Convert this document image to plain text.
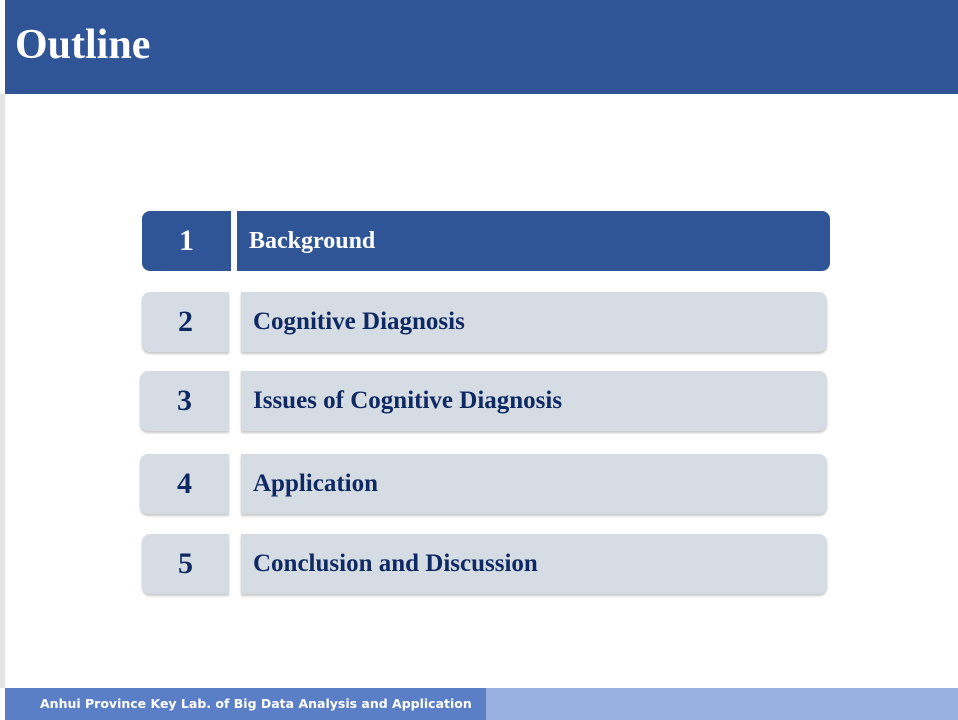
Outline
1	Background
2	Cognitive Diagnosis
3	Issues of Cognitive Diagnosis
4	Application
5	Conclusion and Discussion
Anhui Province Key Lab. of Big Data Analysis and Application
